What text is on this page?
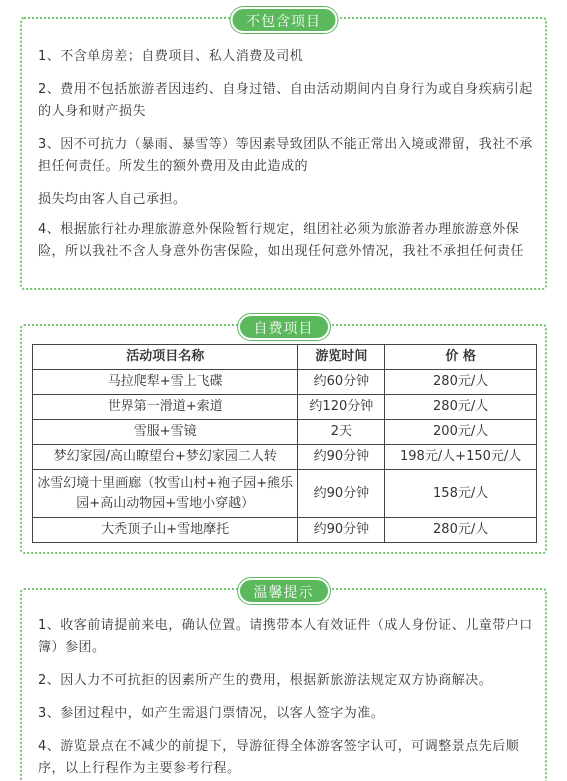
不包含项目

1、不含单房差；自费项目、私人消费及司机

2、费用不包括旅游者因违约、自身过错、自由活动期间内自身行为或自身疾病引起的人身和财产损失

3、因不可抗力（暴雨、暴雪等）等因素导致团队不能正常出入境或滞留，我社不承担任何责任。所发生的额外费用及由此造成的

损失均由客人自己承担。

4、根据旅行社办理旅游意外保险暂行规定，组团社必须为旅游者办理旅游意外保险，所以我社不含人身意外伤害保险，如出现任何意外情况，我社不承担任何责任

自费项目
活动项目名称	游览时间	价 格
马拉爬犁+雪上飞碟	约60分钟	280元/人
世界第一滑道+索道	约120分钟	280元/人
雪服+雪镜	2天	200元/人
梦幻家园/高山瞭望台+梦幻家园二人转	约90分钟	198元/人+150元/人
冰雪幻境十里画廊（牧雪山村+袍子园+熊乐园+高山动物园+雪地小穿越）	约90分钟	158元/人
大秃顶子山+雪地摩托	约90分钟	280元/人
温馨提示

1、收客前请提前来电，确认位置。请携带本人有效证件（成人身份证、儿童带户口簿）参团。

2、因人力不可抗拒的因素所产生的费用，根据新旅游法规定双方协商解决。

3、参团过程中，如产生需退门票情况，以客人签字为准。

4、游览景点在不减少的前提下，导游征得全体游客签字认可，可调整景点先后顺序，以上行程作为主要参考行程。
